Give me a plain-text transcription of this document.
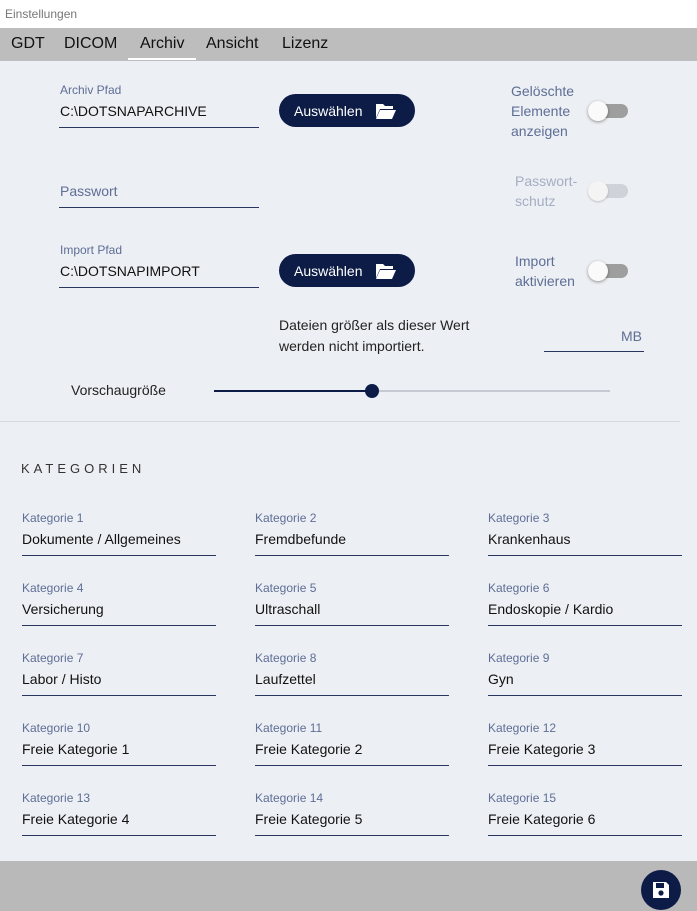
Einstellungen
GDT DICOM Archiv Ansicht Lizenz
Archiv Pfad
C:\DOTSNAPARCHIVE	Auswählen
Gelöschte Elemente anzeigen
Passwort
Passwort-schutz
Import Pfad
C:\DOTSNAPIMPORT	Auswählen
Import aktivieren
Dateien größer als dieser Wert werden nicht importiert.
MB
Vorschaugröße
KATEGORIEN
Kategorie 1
Dokumente / Allgemeines
Kategorie 2
Fremdbefunde
Kategorie 3
Krankenhaus
Kategorie 4
Versicherung
Kategorie 5
Ultraschall
Kategorie 6
Endoskopie / Kardio
Kategorie 7
Labor / Histo
Kategorie 8
Laufzettel
Kategorie 9
Gyn
Kategorie 10
Freie Kategorie 1
Kategorie 11
Freie Kategorie 2
Kategorie 12
Freie Kategorie 3
Kategorie 13
Freie Kategorie 4
Kategorie 14
Freie Kategorie 5
Kategorie 15
Freie Kategorie 6
